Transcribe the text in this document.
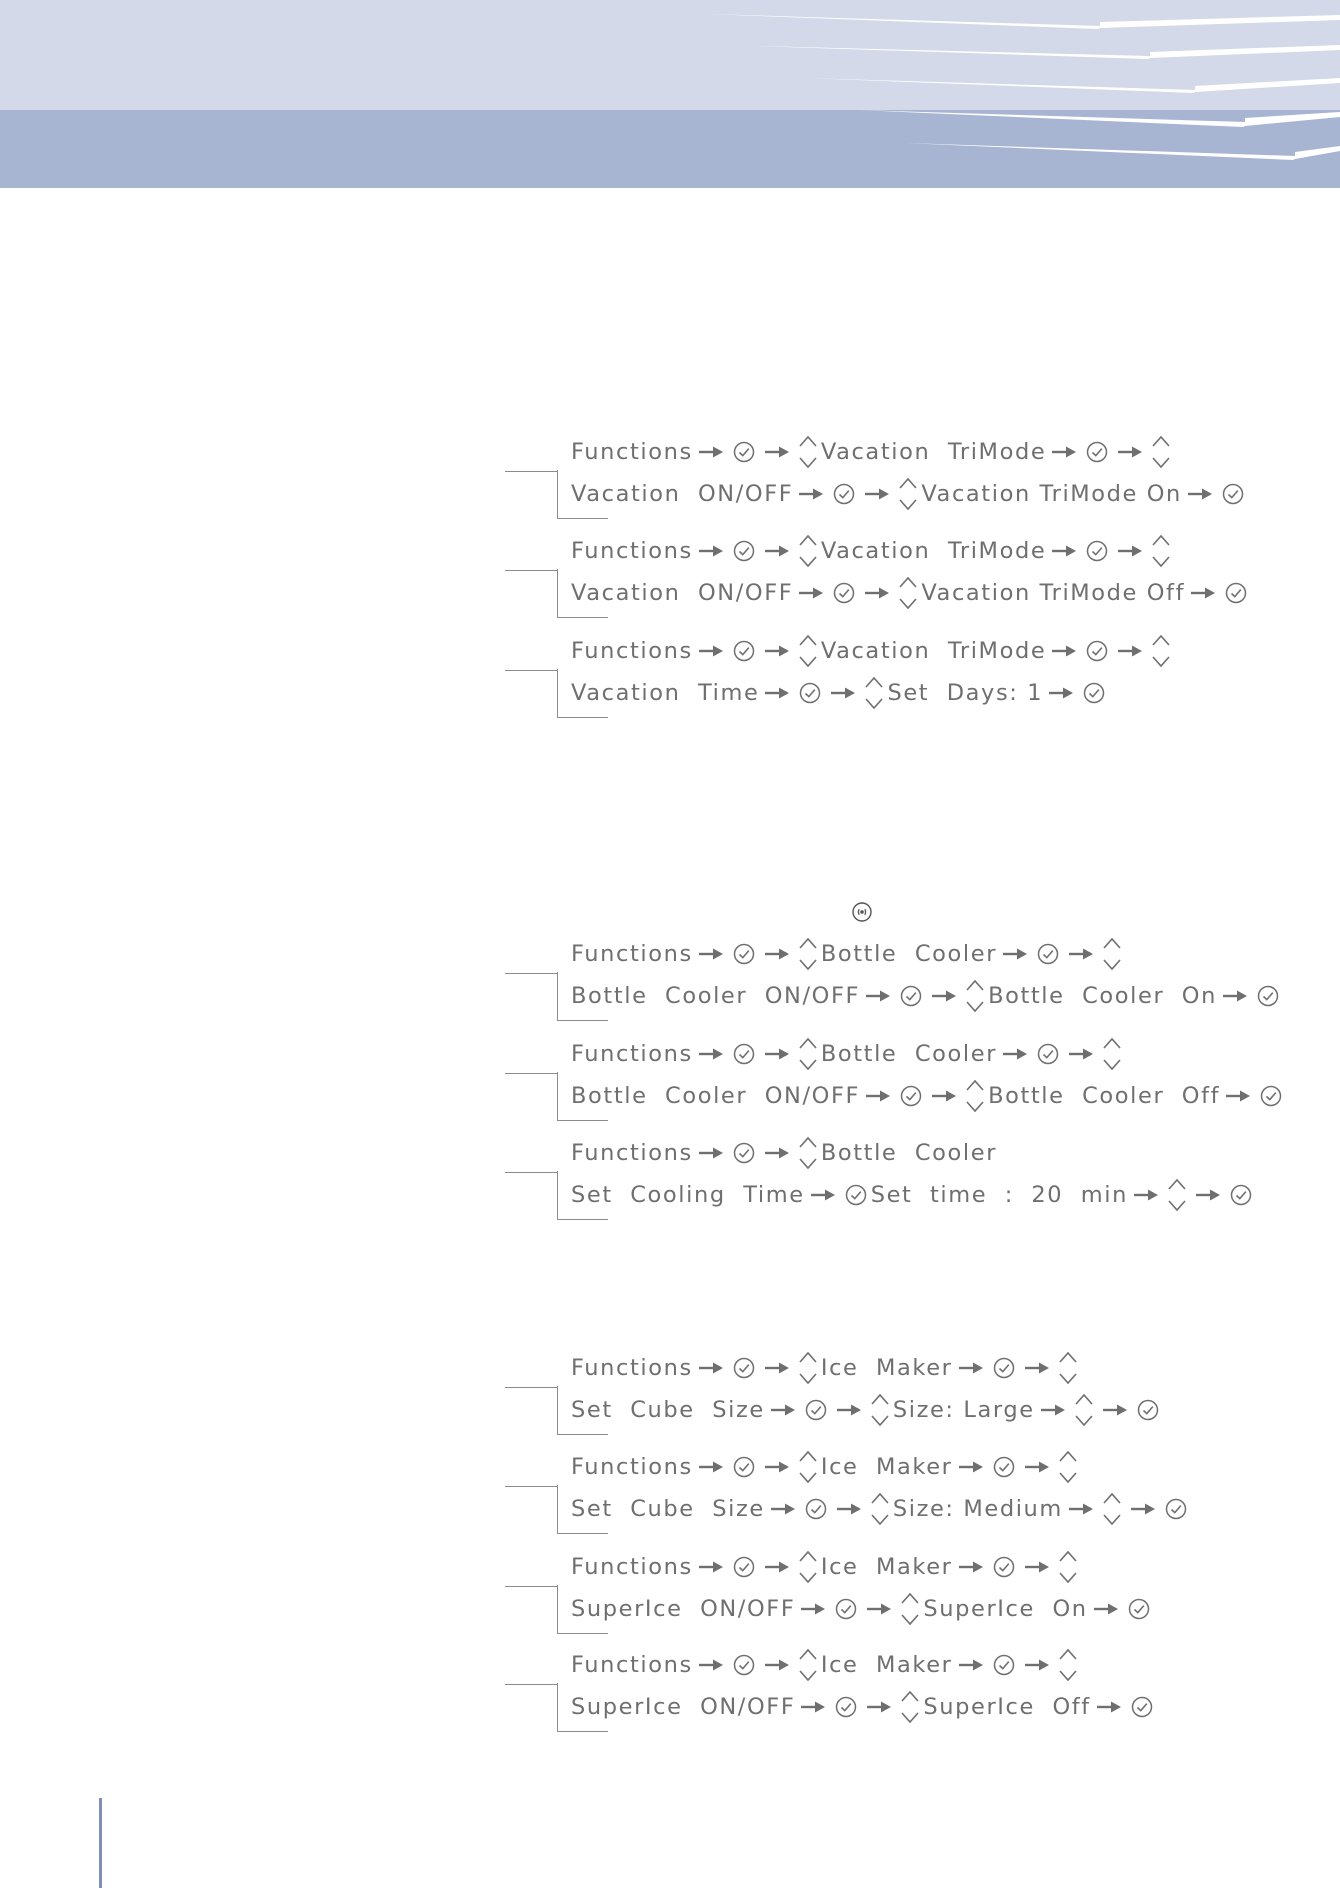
Functions	Vacation  TriMode
Vacation  ON/OFF	Vacation TriMode On
Functions	Vacation  TriMode
Vacation  ON/OFF	Vacation TriMode Off
Functions	Vacation  TriMode
Vacation  Time	Set  Days: 1
Functions	Bottle  Cooler
Bottle  Cooler  ON/OFF	Bottle  Cooler  On
Functions	Bottle  Cooler
Bottle  Cooler  ON/OFF	Bottle  Cooler  Off
Functions	Bottle  Cooler
Set  Cooling  Time	Set  time  :  20  min
Functions	Ice  Maker
Set  Cube  Size	Size: Large
Functions	Ice  Maker
Set  Cube  Size	Size: Medium
Functions	Ice  Maker
SuperIce  ON/OFF	SuperIce  On
Functions	Ice  Maker
SuperIce  ON/OFF	SuperIce  Off
